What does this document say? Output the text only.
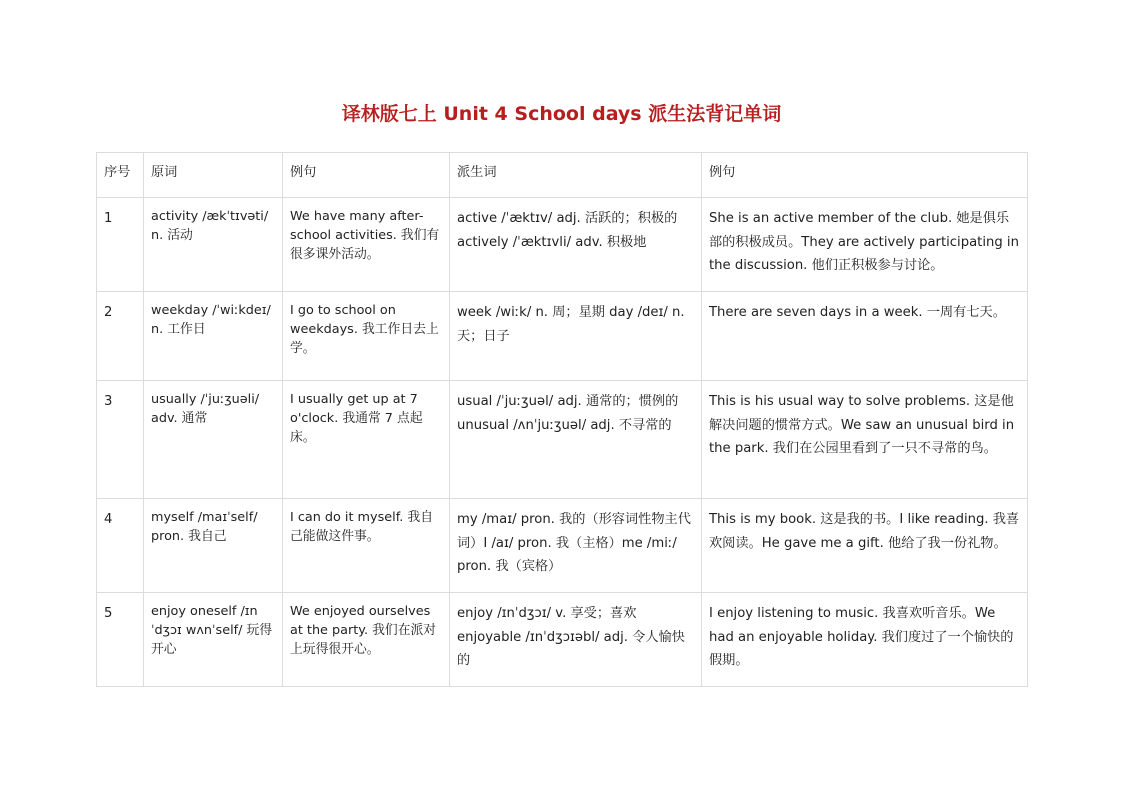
译林版七上 Unit 4 School days 派生法背记单词
序号	原词	例句	派生词	例句
1	activity /ækˈtɪvəti/ n. 活动	We have many after-school activities. 我们有很多课外活动。	active /ˈæktɪv/ adj. 活跃的；积极的 actively /ˈæktɪvli/ adv. 积极地	She is an active member of the club. 她是俱乐部的积极成员。They are actively participating in the discussion. 他们正积极参与讨论。
2	weekday /ˈwiːkdeɪ/ n. 工作日	I go to school on weekdays. 我工作日去上学。	week /wiːk/ n. 周；星期 day /deɪ/ n. 天；日子	There are seven days in a week. 一周有七天。
3	usually /ˈjuːʒuəli/ adv. 通常	I usually get up at 7 o'clock. 我通常 7 点起床。	usual /ˈjuːʒuəl/ adj. 通常的；惯例的 unusual /ʌnˈjuːʒuəl/ adj. 不寻常的	This is his usual way to solve problems. 这是他解决问题的惯常方式。We saw an unusual bird in the park. 我们在公园里看到了一只不寻常的鸟。
4	myself /maɪˈself/ pron. 我自己	I can do it myself. 我自己能做这件事。	my /maɪ/ pron. 我的（形容词性物主代词）I /aɪ/ pron. 我（主格）me /miː/ pron. 我（宾格）	This is my book. 这是我的书。I like reading. 我喜欢阅读。He gave me a gift. 他给了我一份礼物。
5	enjoy oneself /ɪnˈdʒɔɪ wʌnˈself/ 玩得开心	We enjoyed ourselves at the party. 我们在派对上玩得很开心。	enjoy /ɪnˈdʒɔɪ/ v. 享受；喜欢 enjoyable /ɪnˈdʒɔɪəbl/ adj. 令人愉快的	I enjoy listening to music. 我喜欢听音乐。We had an enjoyable holiday. 我们度过了一个愉快的假期。
